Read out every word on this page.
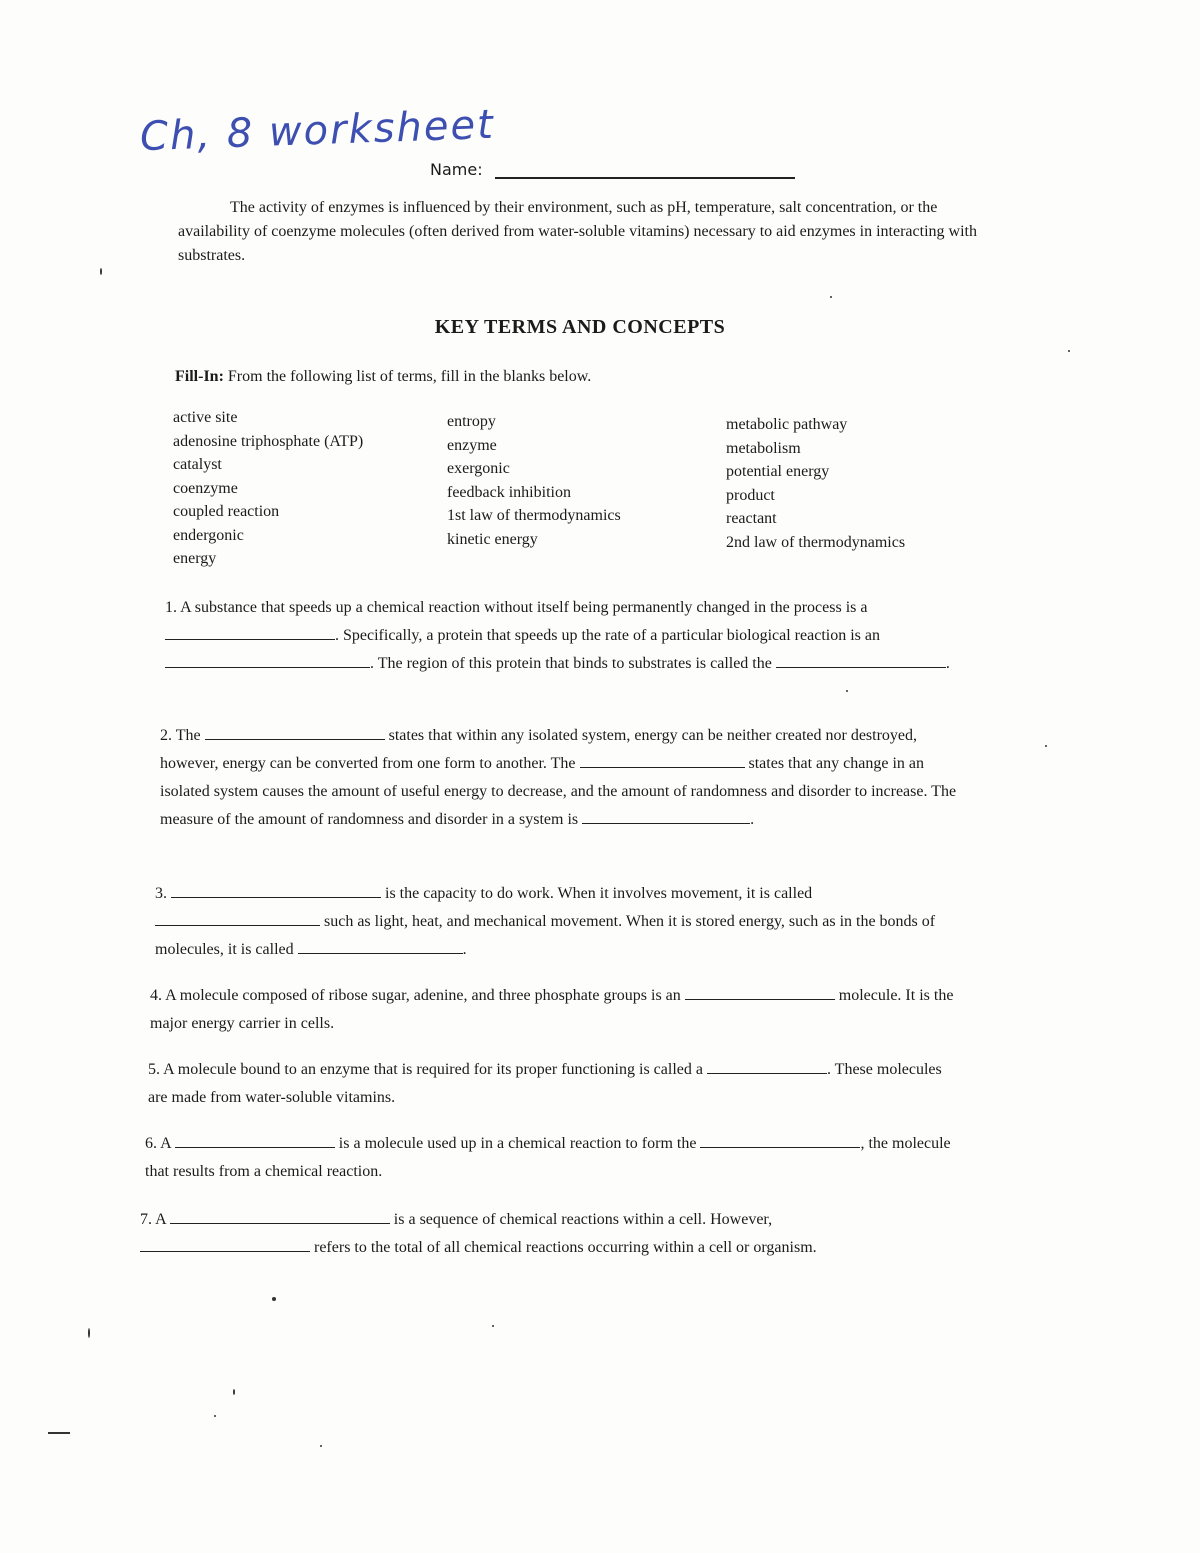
Ch, 8 worksheet
Name:
The activity of enzymes is influenced by their environment, such as pH, temperature, salt concentration, or the availability of coenzyme molecules (often derived from water-soluble vitamins) necessary to aid enzymes in interacting with substrates.
KEY TERMS AND CONCEPTS
Fill-In: From the following list of terms, fill in the blanks below.
active site
adenosine triphosphate (ATP)
catalyst
coenzyme
coupled reaction
endergonic
energy
entropy
enzyme
exergonic
feedback inhibition
1st law of thermodynamics
kinetic energy
metabolic pathway
metabolism
potential energy
product
reactant
2nd law of thermodynamics
1. A substance that speeds up a chemical reaction without itself being permanently changed in the process is a . Specifically, a protein that speeds up the rate of a particular biological reaction is an . The region of this protein that binds to substrates is called the	.
2. The	states that within any isolated system, energy can be neither created nor destroyed, however, energy can be converted from one form to another. The	states that any change in an isolated system causes the amount of useful energy to decrease, and the amount of randomness and disorder to increase. The measure of the amount of randomness and disorder in a system is	.
3.	is the capacity to do work. When it involves movement, it is called  such as light, heat, and mechanical movement. When it is stored energy, such as in the bonds of molecules, it is called	.
4. A molecule composed of ribose sugar, adenine, and three phosphate groups is an	molecule. It is the major energy carrier in cells.
5. A molecule bound to an enzyme that is required for its proper functioning is called a	. These molecules are made from water-soluble vitamins.
6. A	is a molecule used up in a chemical reaction to form the	, the molecule that results from a chemical reaction.
7. A	is a sequence of chemical reactions within a cell. However,  refers to the total of all chemical reactions occurring within a cell or organism.
